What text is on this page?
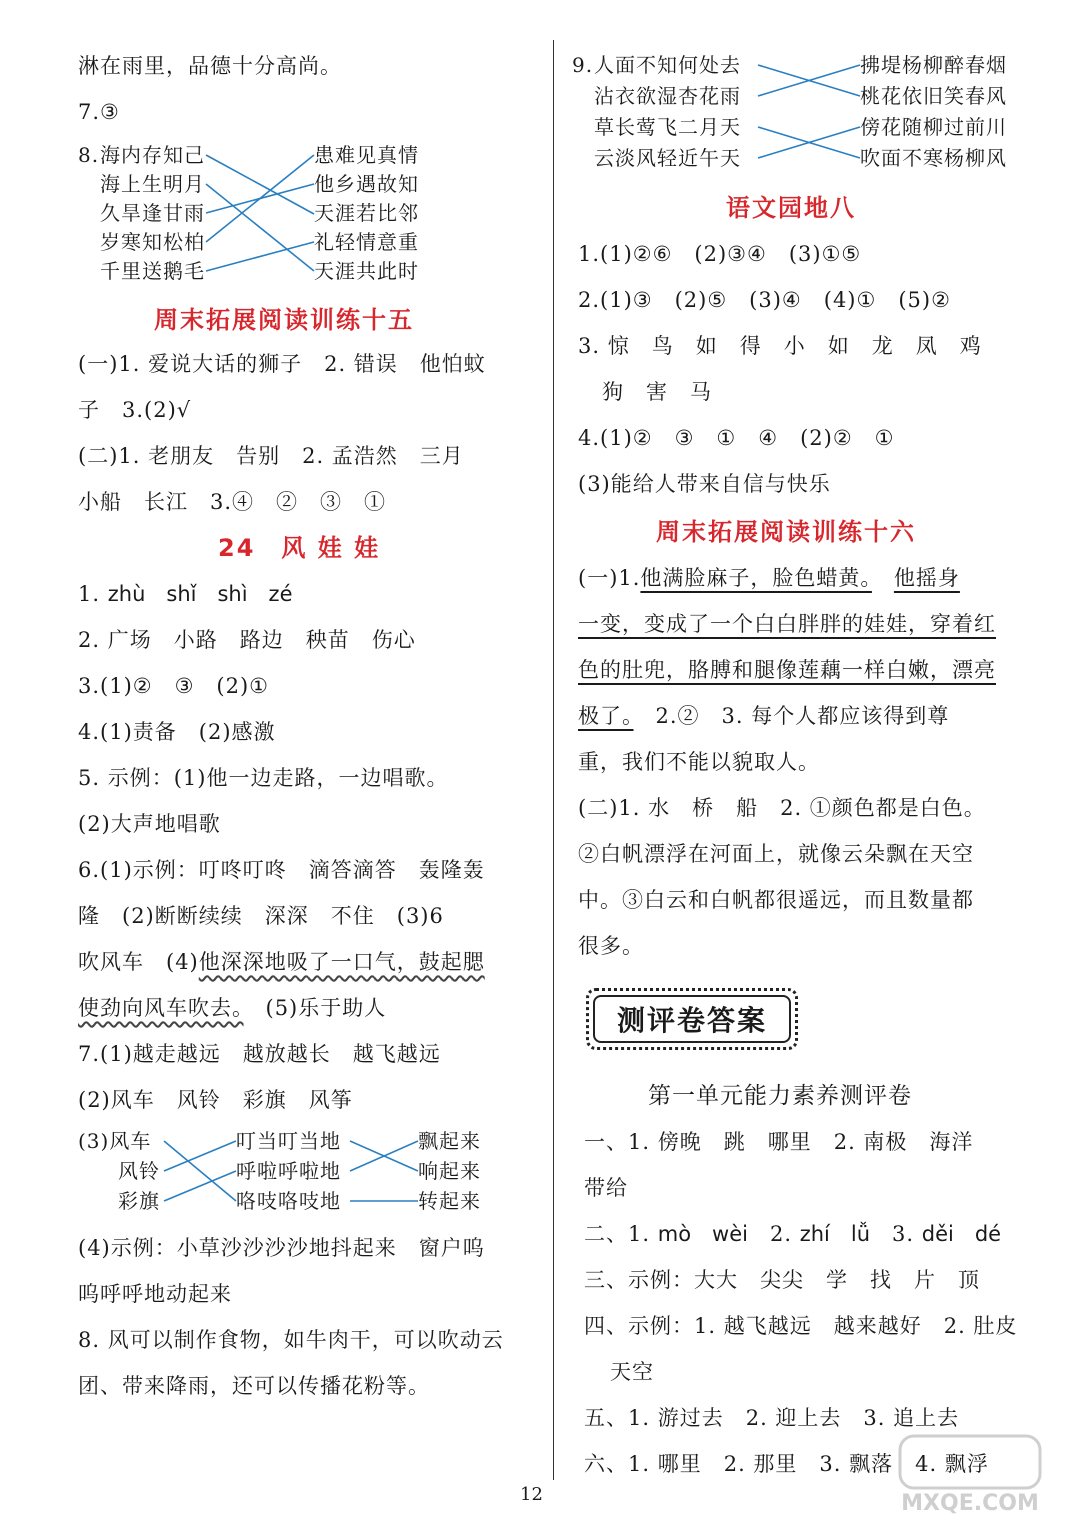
淋在雨里，品德十分高尚。
7.③
8. 海内存知己
海上生明月
久旱逢甘雨
岁寒知松柏
千里送鹅毛
患难见真情
他乡遇故知
天涯若比邻
礼轻情意重
天涯共此时
周末拓展阅读训练十五
(一)1. 爱说大话的狮子　2. 错误　他怕蚊
子　3.(2)√
(二)1. 老朋友　告别　2. 孟浩然　三月
小船　长江　3.④　②　③　①
24　风 娃 娃
1. zhù　shǐ　shì　zé
2. 广场　小路　路边　秧苗　伤心
3.(1)②　③　(2)①
4.(1)责备　(2)感激
5. 示例：(1)他一边走路，一边唱歌。
(2)大声地唱歌
6.(1)示例：叮咚叮咚　滴答滴答　轰隆轰
隆　(2)断断续续　深深　不住　(3)6
吹风车　(4)他深深地吸了一口气，鼓起腮
使劲向风车吹去。　(5)乐于助人
7.(1)越走越远　越放越长　越飞越远
(2)风车　风铃　彩旗　风筝
(3)风车
风铃
彩旗
叮当叮当地
呼啦呼啦地
咯吱咯吱地
飘起来
响起来
转起来
(4)示例：小草沙沙沙沙地抖起来　窗户呜
呜呼呼地动起来
8. 风可以制作食物，如牛肉干，可以吹动云
团、带来降雨，还可以传播花粉等。
9. 人面不知何处去
沾衣欲湿杏花雨
草长莺飞二月天
云淡风轻近午天
拂堤杨柳醉春烟
桃花依旧笑春风
傍花随柳过前川
吹面不寒杨柳风
语文园地八
1.(1)②⑥　(2)③④　(3)①⑤
2.(1)③　(2)⑤　(3)④　(4)①　(5)②
3. 惊　鸟　如　得　小　如　龙　凤　鸡
狗　害　马
4.(1)②　③　①　④　(2)②　①
(3)能给人带来自信与快乐
周末拓展阅读训练十六
(一)1.他满脸麻子，脸色蜡黄。　 他摇身
一变，变成了一个白白胖胖的娃娃，穿着红
色的肚兜，胳膊和腿像莲藕一样白嫩，漂亮
极了。　2.②　3. 每个人都应该得到尊
重，我们不能以貌取人。
(二)1. 水　桥　船　2. ①颜色都是白色。
②白帆漂浮在河面上，就像云朵飘在天空
中。③白云和白帆都很遥远，而且数量都
很多。
测评卷答案
第一单元能力素养测评卷
一、1. 傍晚　跳　哪里　2. 南极　海洋
带给
二、1. mò　wèi　 2. zhí　lǚ　 3. děi　dé
三、示例：大大　尖尖　学　找　片　顶
四、示例：1. 越飞越远　越来越好　2. 肚皮
天空
五、1. 游过去　2. 迎上去　3. 追上去
六、1. 哪里　2. 那里　3. 飘落　4. 飘浮
12	MXQE.COM
